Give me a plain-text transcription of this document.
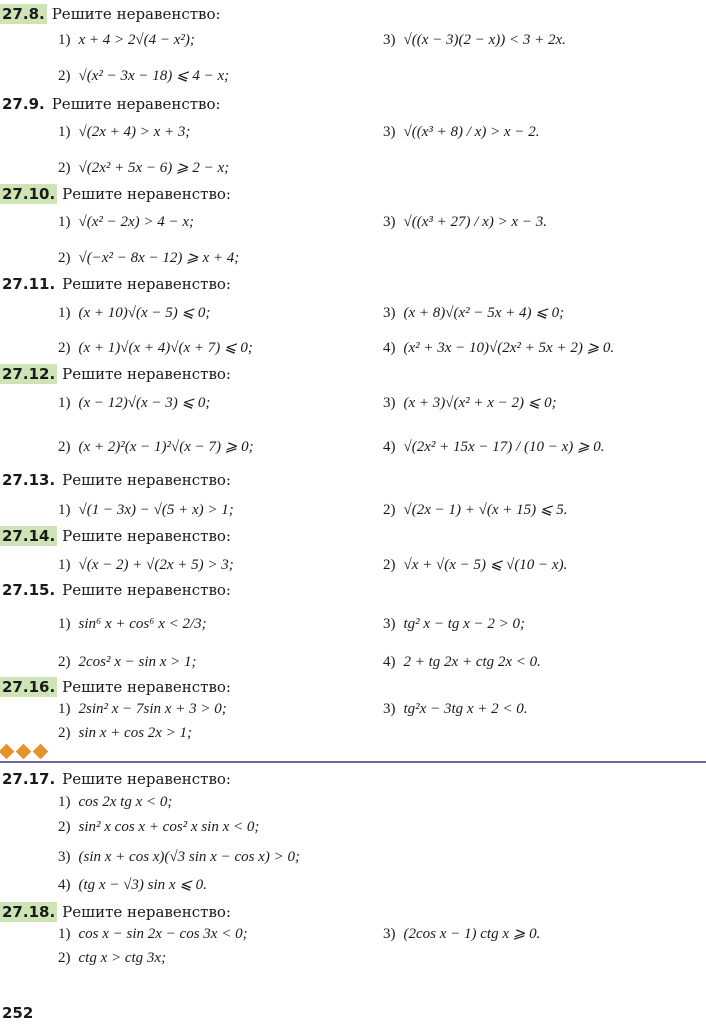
27.8. Решите неравенство:
1) x + 4 > 2√(4 − x²);	3) √((x − 3)(2 − x)) < 3 + 2x.
2) √(x² − 3x − 18) ⩽ 4 − x;
27.9. Решите неравенство:
1) √(2x + 4) > x + 3;	3) √((x³ + 8) / x) > x − 2.
2) √(2x² + 5x − 6) ⩾ 2 − x;
27.10. Решите неравенство:
1) √(x² − 2x) > 4 − x;	3) √((x³ + 27) / x) > x − 3.
2) √(−x² − 8x − 12) ⩾ x + 4;
27.11. Решите неравенство:
1) (x + 10)√(x − 5) ⩽ 0;	3) (x + 8)√(x² − 5x + 4) ⩽ 0;
2) (x + 1)√(x + 4)√(x + 7) ⩽ 0;	4) (x² + 3x − 10)√(2x² + 5x + 2) ⩾ 0.
27.12. Решите неравенство:
1) (x − 12)√(x − 3) ⩽ 0;	3) (x + 3)√(x² + x − 2) ⩽ 0;
2) (x + 2)²(x − 1)²√(x − 7) ⩾ 0;	4) √(2x² + 15x − 17) / (10 − x) ⩾ 0.
27.13. Решите неравенство:
1) √(1 − 3x) − √(5 + x) > 1;	2) √(2x − 1) + √(x + 15) ⩽ 5.
27.14. Решите неравенство:
1) √(x − 2) + √(2x + 5) > 3;	2) √x + √(x − 5) ⩽ √(10 − x).
27.15. Решите неравенство:
1) sin⁶ x + cos⁶ x < 2/3;	3) tg² x − tg x − 2 > 0;
2) 2cos² x − sin x > 1;	4) 2 + tg 2x + ctg 2x < 0.
27.16. Решите неравенство:
1) 2sin² x − 7sin x + 3 > 0;	3) tg²x − 3tg x + 2 < 0.
2) sin x + cos 2x > 1;
27.17. Решите неравенство:
1) cos 2x tg x < 0;
2) sin² x cos x + cos² x sin x < 0;
3) (sin x + cos x)(√3 sin x − cos x) > 0;
4) (tg x − √3) sin x ⩽ 0.
27.18. Решите неравенство:
1) cos x − sin 2x − cos 3x < 0;	3) (2cos x − 1) ctg x ⩾ 0.
2) ctg x > ctg 3x;
252
